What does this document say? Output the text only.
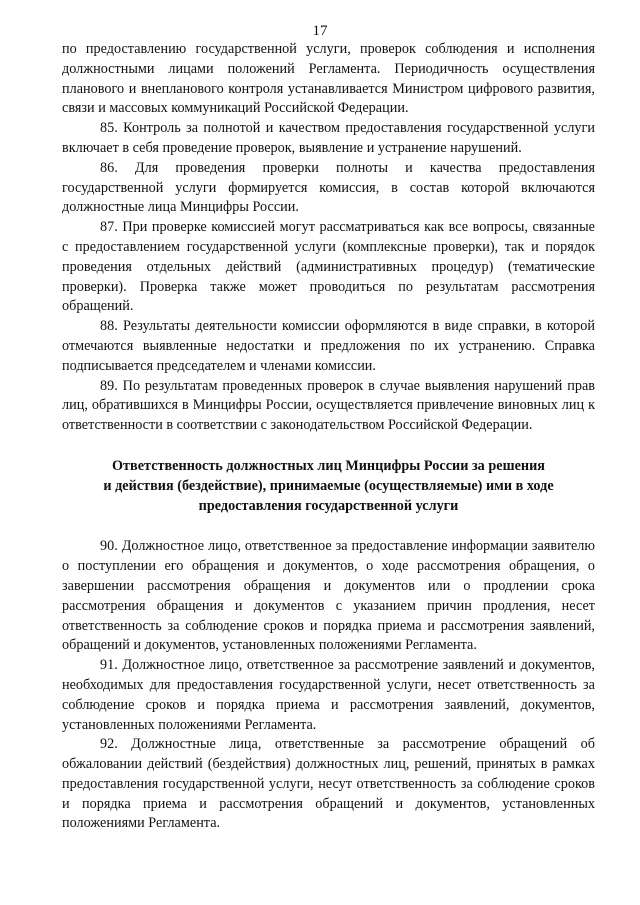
17

по предоставлению государственной услуги, проверок соблюдения и исполнения должностными лицами положений Регламента. Периодичность осуществления планового и внепланового контроля устанавливается Министром цифрового развития, связи и массовых коммуникаций Российской Федерации.

85. Контроль за полнотой и качеством предоставления государственной услуги включает в себя проведение проверок, выявление и устранение нарушений.

86. Для проведения проверки полноты и качества предоставления государственной услуги формируется комиссия, в состав которой включаются должностные лица Минцифры России.

87. При проверке комиссией могут рассматриваться как все вопросы, связанные с предоставлением государственной услуги (комплексные проверки), так и порядок проведения отдельных действий (административных процедур) (тематические проверки). Проверка также может проводиться по результатам рассмотрения обращений.

88. Результаты деятельности комиссии оформляются в виде справки, в которой отмечаются выявленные недостатки и предложения по их устранению. Справка подписывается председателем и членами комиссии.

89. По результатам проведенных проверок в случае выявления нарушений прав лиц, обратившихся в Минцифры России, осуществляется привлечение виновных лиц к ответственности в соответствии с законодательством Российской Федерации.

Ответственность должностных лиц Минцифры России за решения
и действия (бездействие), принимаемые (осуществляемые) ими в ходе
предоставления государственной услуги

90. Должностное лицо, ответственное за предоставление информации заявителю о поступлении его обращения и документов, о ходе рассмотрения обращения, о завершении рассмотрения обращения и документов или о продлении срока рассмотрения обращения и документов с указанием причин продления, несет ответственность за соблюдение сроков и порядка приема и рассмотрения заявлений, обращений и документов, установленных положениями Регламента.

91. Должностное лицо, ответственное за рассмотрение заявлений и документов, необходимых для предоставления государственной услуги, несет ответственность за соблюдение сроков и порядка приема и рассмотрения заявлений, документов, установленных положениями Регламента.

92. Должностные лица, ответственные за рассмотрение обращений об обжаловании действий (бездействия) должностных лиц, решений, принятых в рамках предоставления государственной услуги, несут ответственность за соблюдение сроков и порядка приема и рассмотрения обращений и документов, установленных положениями Регламента.
